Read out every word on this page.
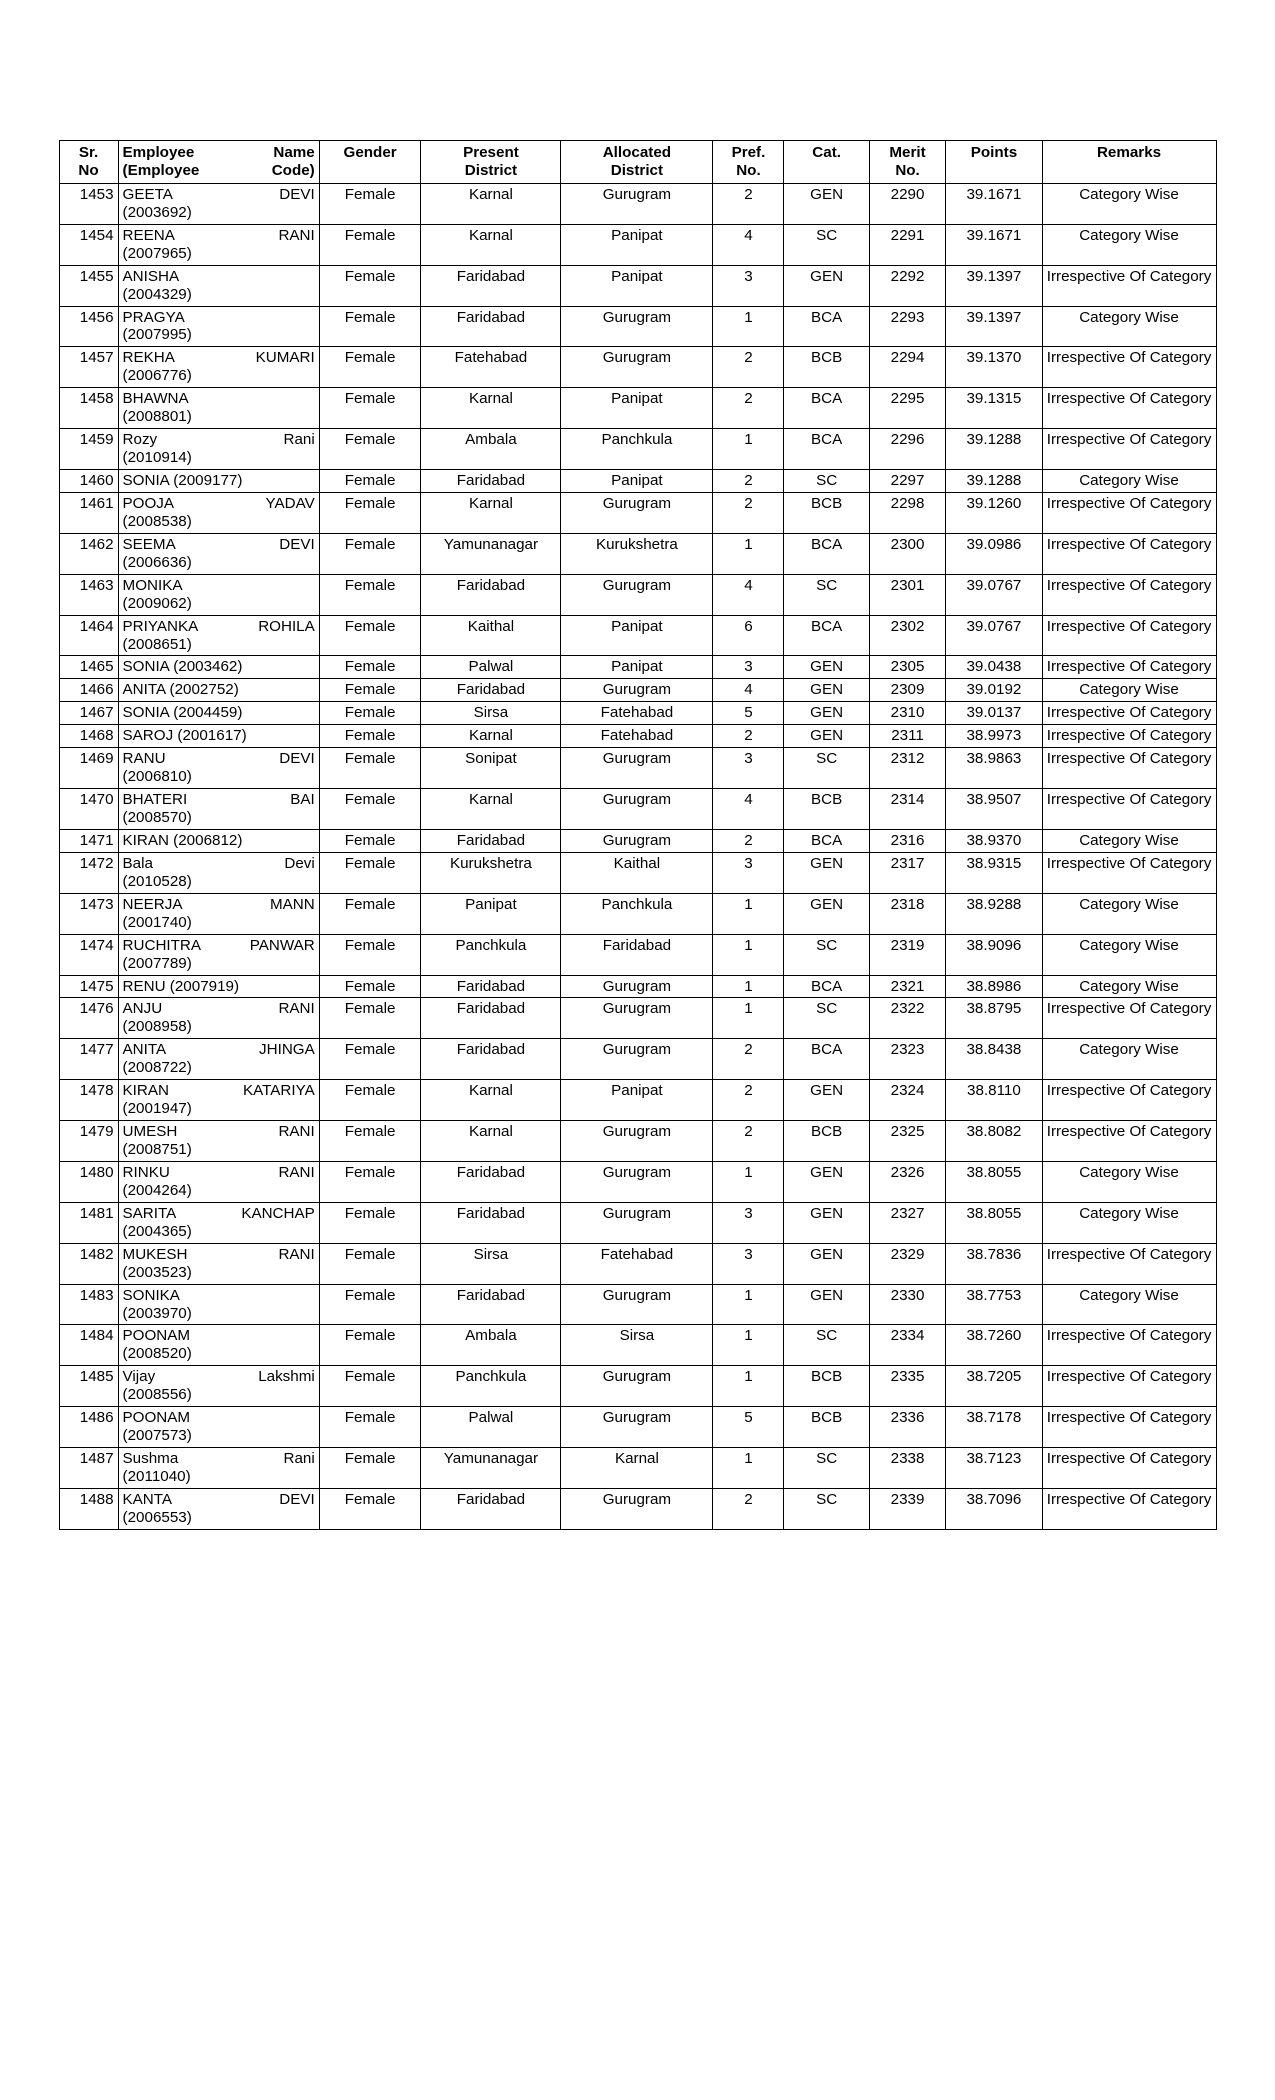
Sr.
No	Employee Name
(Employee Code)	Gender	Present
District	Allocated
District	Pref.
No.	Cat.	Merit
No.	Points	Remarks

1453	GEETA DEVI
(2003692)	Female	Karnal	Gurugram	2	GEN	2290	39.1671	Category Wise
1454	REENA RANI
(2007965)	Female	Karnal	Panipat	4	SC	2291	39.1671	Category Wise
1455	ANISHA
(2004329)	Female	Faridabad	Panipat	3	GEN	2292	39.1397	Irrespective Of Category
1456	PRAGYA
(2007995)	Female	Faridabad	Gurugram	1	BCA	2293	39.1397	Category Wise
1457	REKHA KUMARI
(2006776)	Female	Fatehabad	Gurugram	2	BCB	2294	39.1370	Irrespective Of Category
1458	BHAWNA
(2008801)	Female	Karnal	Panipat	2	BCA	2295	39.1315	Irrespective Of Category
1459	Rozy Rani
(2010914)	Female	Ambala	Panchkula	1	BCA	2296	39.1288	Irrespective Of Category
1460	SONIA (2009177)	Female	Faridabad	Panipat	2	SC	2297	39.1288	Category Wise
1461	POOJA YADAV
(2008538)	Female	Karnal	Gurugram	2	BCB	2298	39.1260	Irrespective Of Category
1462	SEEMA DEVI
(2006636)	Female	Yamunanagar	Kurukshetra	1	BCA	2300	39.0986	Irrespective Of Category
1463	MONIKA
(2009062)	Female	Faridabad	Gurugram	4	SC	2301	39.0767	Irrespective Of Category
1464	PRIYANKA ROHILA
(2008651)	Female	Kaithal	Panipat	6	BCA	2302	39.0767	Irrespective Of Category
1465	SONIA (2003462)	Female	Palwal	Panipat	3	GEN	2305	39.0438	Irrespective Of Category
1466	ANITA (2002752)	Female	Faridabad	Gurugram	4	GEN	2309	39.0192	Category Wise
1467	SONIA (2004459)	Female	Sirsa	Fatehabad	5	GEN	2310	39.0137	Irrespective Of Category
1468	SAROJ (2001617)	Female	Karnal	Fatehabad	2	GEN	2311	38.9973	Irrespective Of Category
1469	RANU DEVI
(2006810)	Female	Sonipat	Gurugram	3	SC	2312	38.9863	Irrespective Of Category
1470	BHATERI BAI
(2008570)	Female	Karnal	Gurugram	4	BCB	2314	38.9507	Irrespective Of Category
1471	KIRAN (2006812)	Female	Faridabad	Gurugram	2	BCA	2316	38.9370	Category Wise
1472	Bala Devi
(2010528)	Female	Kurukshetra	Kaithal	3	GEN	2317	38.9315	Irrespective Of Category
1473	NEERJA MANN
(2001740)	Female	Panipat	Panchkula	1	GEN	2318	38.9288	Category Wise
1474	RUCHITRA PANWAR
(2007789)	Female	Panchkula	Faridabad	1	SC	2319	38.9096	Category Wise
1475	RENU (2007919)	Female	Faridabad	Gurugram	1	BCA	2321	38.8986	Category Wise
1476	ANJU RANI
(2008958)	Female	Faridabad	Gurugram	1	SC	2322	38.8795	Irrespective Of Category
1477	ANITA JHINGA
(2008722)	Female	Faridabad	Gurugram	2	BCA	2323	38.8438	Category Wise
1478	KIRAN KATARIYA
(2001947)	Female	Karnal	Panipat	2	GEN	2324	38.8110	Irrespective Of Category
1479	UMESH RANI
(2008751)	Female	Karnal	Gurugram	2	BCB	2325	38.8082	Irrespective Of Category
1480	RINKU RANI
(2004264)	Female	Faridabad	Gurugram	1	GEN	2326	38.8055	Category Wise
1481	SARITA KANCHAP
(2004365)	Female	Faridabad	Gurugram	3	GEN	2327	38.8055	Category Wise
1482	MUKESH RANI
(2003523)	Female	Sirsa	Fatehabad	3	GEN	2329	38.7836	Irrespective Of Category
1483	SONIKA
(2003970)	Female	Faridabad	Gurugram	1	GEN	2330	38.7753	Category Wise
1484	POONAM
(2008520)	Female	Ambala	Sirsa	1	SC	2334	38.7260	Irrespective Of Category
1485	Vijay Lakshmi
(2008556)	Female	Panchkula	Gurugram	1	BCB	2335	38.7205	Irrespective Of Category
1486	POONAM
(2007573)	Female	Palwal	Gurugram	5	BCB	2336	38.7178	Irrespective Of Category
1487	Sushma Rani
(2011040)	Female	Yamunanagar	Karnal	1	SC	2338	38.7123	Irrespective Of Category
1488	KANTA DEVI
(2006553)	Female	Faridabad	Gurugram	2	SC	2339	38.7096	Irrespective Of Category
